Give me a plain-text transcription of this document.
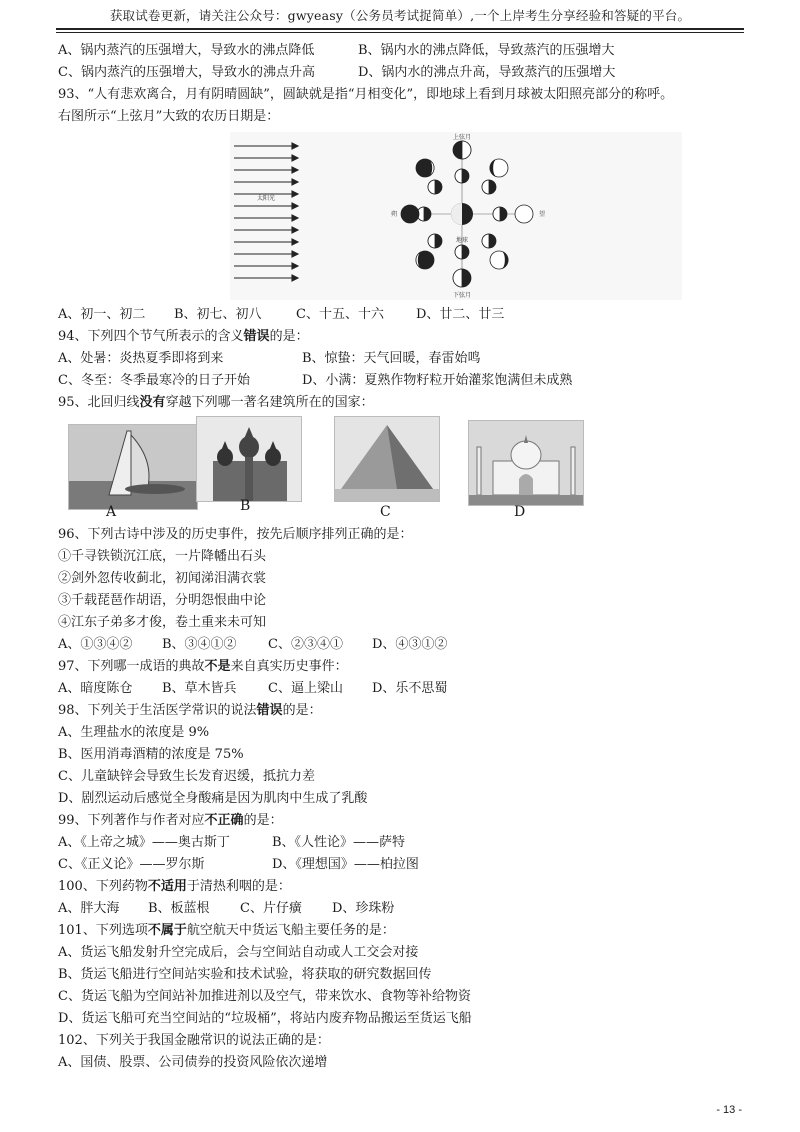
获取试卷更新，请关注公众号：gwyeasy（公务员考试捉简单）,一个上岸考生分享经验和答疑的平台。
A、锅内蒸汽的压强增大，导致水的沸点降低	B、锅内水的沸点降低，导致蒸汽的压强增大
C、锅内蒸汽的压强增大，导致水的沸点升高	D、锅内水的沸点升高，导致蒸汽的压强增大
93、“人有悲欢离合，月有阴晴圆缺”，圆缺就是指“月相变化”，即地球上看到月球被太阳照亮部分的称呼。
右图所示“上弦月”大致的农历日期是：
太阳光
地球
上弦月
下弦月
朔	望
A、初一、初二 B、初七、初八	C、十五、十六 D、廿二、廿三
94、下列四个节气所表示的含义错误的是：
A、处暑：炎热夏季即将到来	B、惊蛰：天气回暖，春雷始鸣
C、冬至：冬季最寒冷的日子开始	D、小满：夏熟作物籽粒开始灌浆饱满但未成熟
95、北回归线没有穿越下列哪一著名建筑所在的国家：
A	B	C	D
96、下列古诗中涉及的历史事件，按先后顺序排列正确的是：
①千寻铁锁沉江底，一片降幡出石头
②剑外忽传收蓟北，初闻涕泪满衣裳
③千载琵琶作胡语，分明怨恨曲中论
④江东子弟多才俊，卷土重来未可知
A、①③④② B、③④①② C、②③④① D、④③①②
97、下列哪一成语的典故不是来自真实历史事件：
A、暗度陈仓 B、草木皆兵 C、逼上梁山 D、乐不思蜀
98、下列关于生活医学常识的说法错误的是：
A、生理盐水的浓度是 9%
B、医用消毒酒精的浓度是 75%
C、儿童缺锌会导致生长发育迟缓，抵抗力差
D、剧烈运动后感觉全身酸痛是因为肌肉中生成了乳酸
99、下列著作与作者对应不正确的是：
A、《上帝之城》——奥古斯丁	B、《人性论》——萨特
C、《正义论》——罗尔斯	D、《理想国》——柏拉图
100、下列药物不适用于清热利咽的是：
A、胖大海 B、板蓝根 C、片仔癀 D、珍珠粉
101、下列选项不属于航空航天中货运飞船主要任务的是：
A、货运飞船发射升空完成后，会与空间站自动或人工交会对接
B、货运飞船进行空间站实验和技术试验，将获取的研究数据回传
C、货运飞船为空间站补加推进剂以及空气，带来饮水、食物等补给物资
D、货运飞船可充当空间站的“垃圾桶”，将站内废弃物品搬运至货运飞船
102、下列关于我国金融常识的说法正确的是：
A、国债、股票、公司债券的投资风险依次递增
- 13 -
